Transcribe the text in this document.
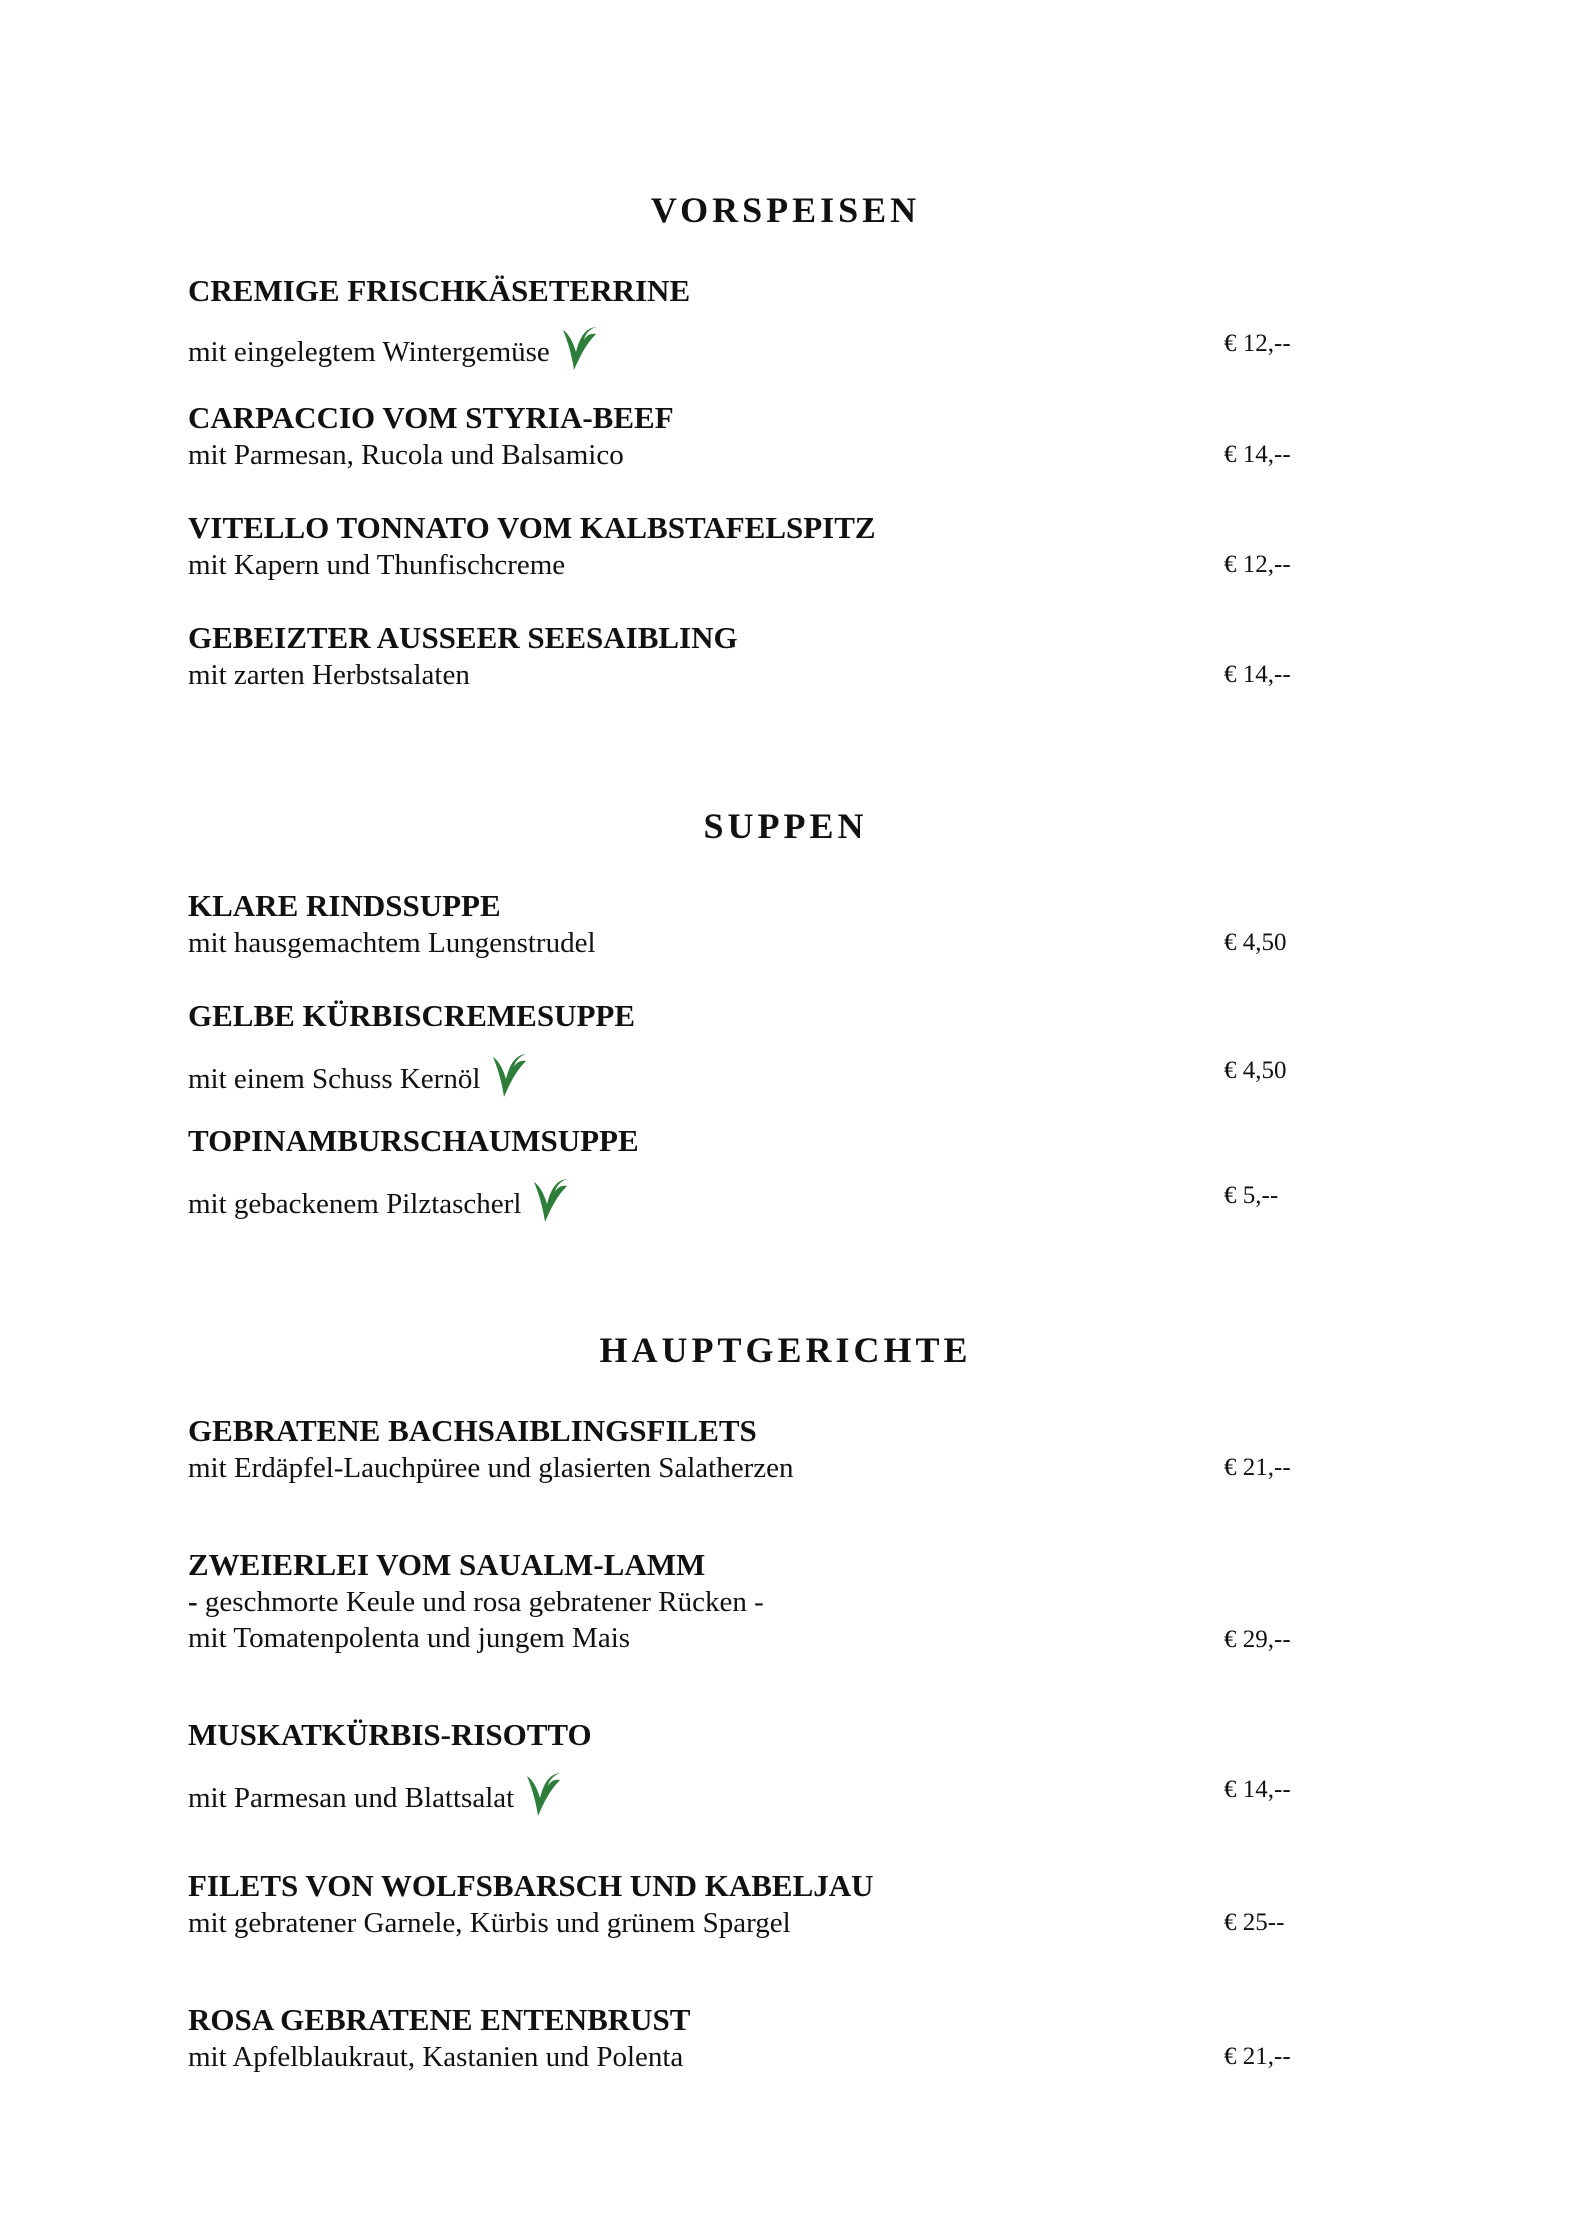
VORSPEISEN

CREMIGE FRISCHKÄSETERRINE

mit eingelegtem Wintergemüse	€ 12,--

CARPACCIO VOM STYRIA-BEEF

mit Parmesan, Rucola und Balsamico	€ 14,--

VITELLO TONNATO VOM KALBSTAFELSPITZ

mit Kapern und Thunfischcreme	€ 12,--

GEBEIZTER AUSSEER SEESAIBLING

mit zarten Herbstsalaten	€ 14,--
SUPPEN

KLARE RINDSSUPPE

mit hausgemachtem Lungenstrudel	€ 4,50

GELBE KÜRBISCREMESUPPE

mit einem Schuss Kernöl	€ 4,50

TOPINAMBURSCHAUMSUPPE

mit gebackenem Pilztascherl	€ 5,--
HAUPTGERICHTE

GEBRATENE BACHSAIBLINGSFILETS

mit Erdäpfel-Lauchpüree und glasierten Salatherzen	€ 21,--

ZWEIERLEI VOM SAUALM-LAMM

- geschmorte Keule und rosa gebratener Rücken -

mit Tomatenpolenta und jungem Mais	€ 29,--

MUSKATKÜRBIS-RISOTTO

mit Parmesan und Blattsalat	€ 14,--

FILETS VON WOLFSBARSCH UND KABELJAU

mit gebratener Garnele, Kürbis und grünem Spargel	€ 25--

ROSA GEBRATENE ENTENBRUST

mit Apfelblaukraut, Kastanien und Polenta	€ 21,--
